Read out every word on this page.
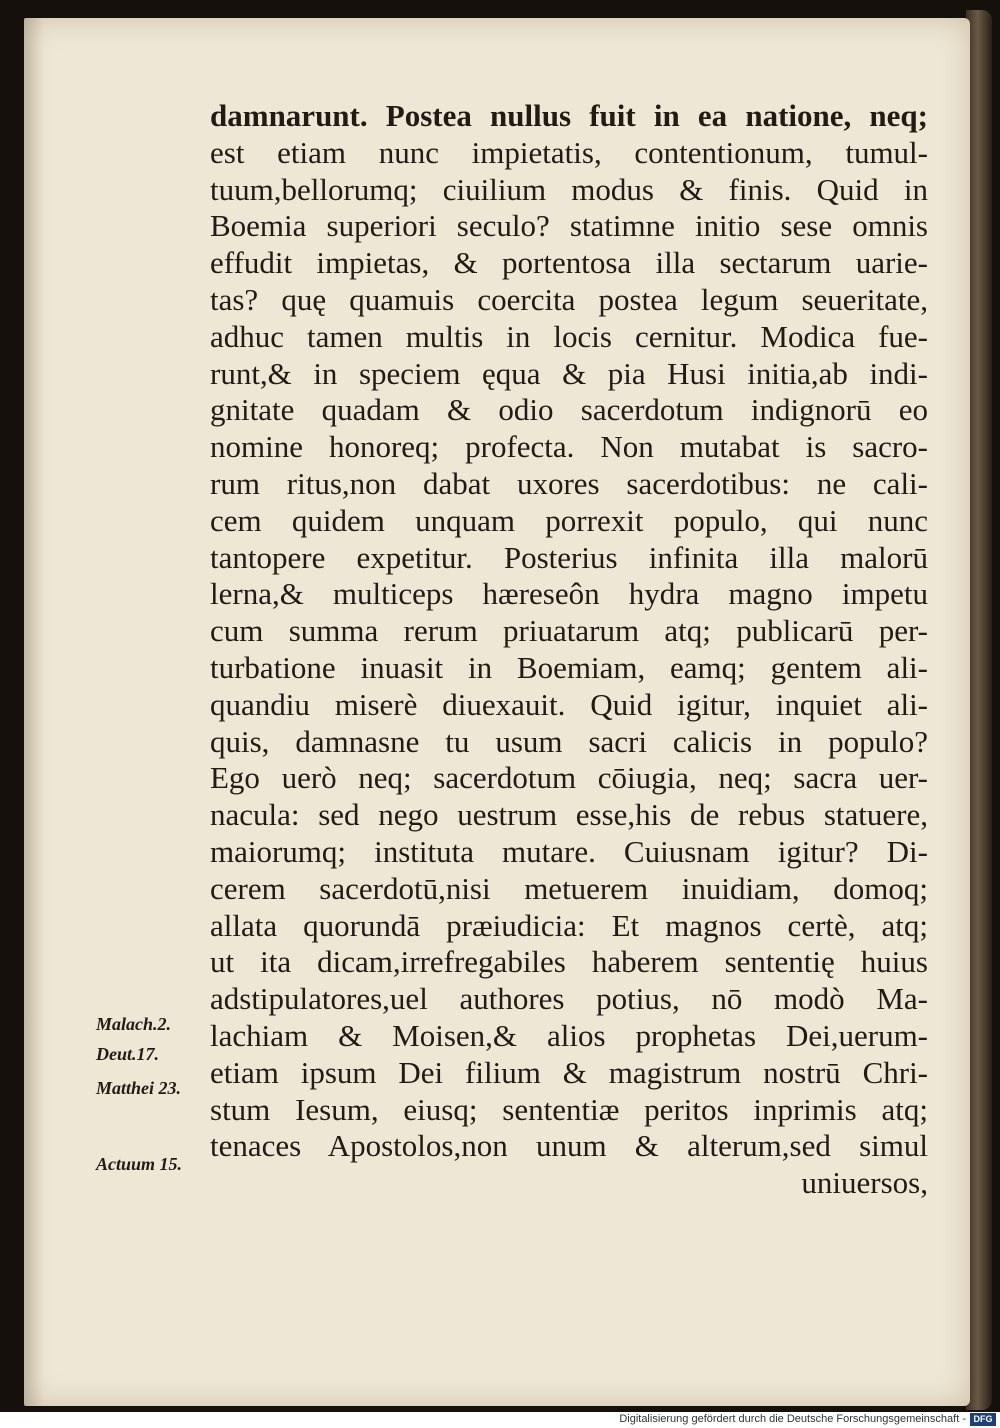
damnarunt. Postea nullus fuit in ea natione, neq;
est etiam nunc impietatis, contentionum, tumul-
tuum,bellorumq; ciuilium modus & finis. Quid in
Boemia superiori seculo? statimne initio sese omnis
effudit impietas, & portentosa illa sectarum uarie-
tas? quę quamuis coercita postea legum seueritate,
adhuc tamen multis in locis cernitur. Modica fue-
runt,& in speciem ęqua & pia Husi initia,ab indi-
gnitate quadam & odio sacerdotum indignorū eo
nomine honoreq; profecta. Non mutabat is sacro-
rum ritus,non dabat uxores sacerdotibus: ne cali-
cem quidem unquam porrexit populo, qui nunc
tantopere expetitur. Posterius infinita illa malorū
lerna,& multiceps hæreseôn hydra magno impetu
cum summa rerum priuatarum atq; publicarū per-
turbatione inuasit in Boemiam, eamq; gentem ali-
quandiu miserè diuexauit. Quid igitur, inquiet ali-
quis, damnasne tu usum sacri calicis in populo?
Ego uerò neq; sacerdotum cōiugia, neq; sacra uer-
nacula: sed nego uestrum esse,his de rebus statuere,
maiorumq; instituta mutare. Cuiusnam igitur? Di-
cerem sacerdotū,nisi metuerem inuidiam, domoq;
allata quorundā præiudicia: Et magnos certè, atq;
ut ita dicam,irrefregabiles haberem sententię huius
adstipulatores,uel authores potius, nō modò Ma-
lachiam & Moisen,& alios prophetas Dei,uerum-
etiam ipsum Dei filium & magistrum nostrū Chri-
stum Iesum, eiusq; sententiæ peritos inprimis atq;
tenaces Apostolos,non unum & alterum,sed simul
uniuersos,
Malach.2.
Deut.17.
Matthei 23.
Actuum 15.
Digitalisierung gefördert durch die Deutsche Forschungsgemeinschaft - DFG
